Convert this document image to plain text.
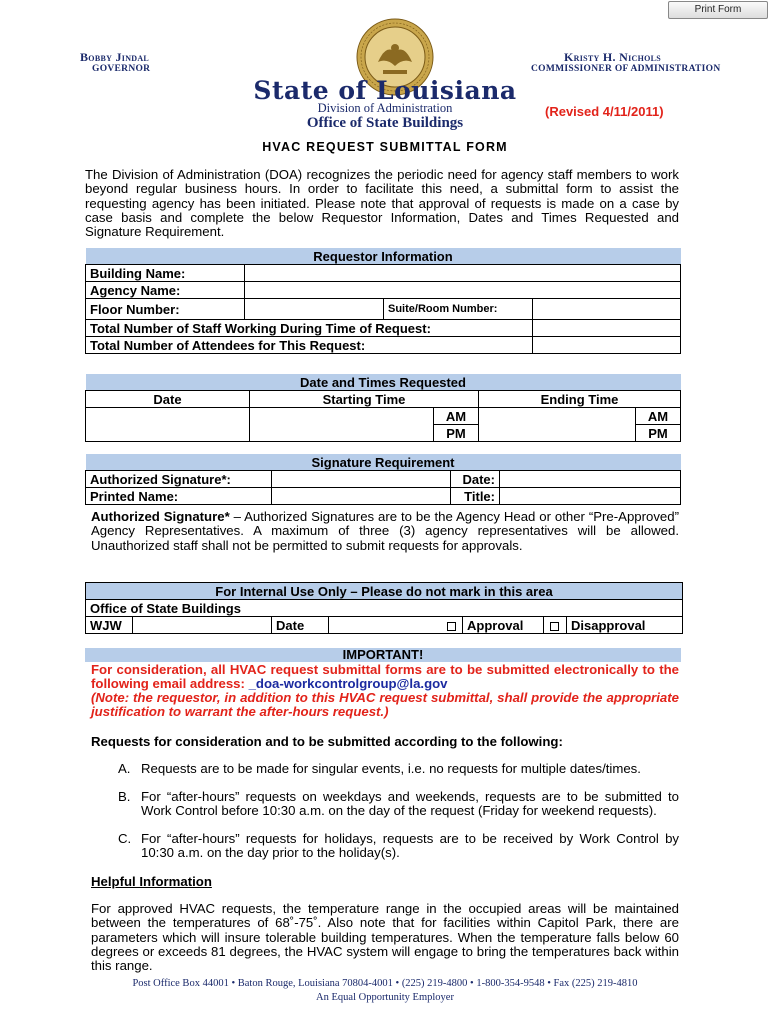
Print Form
Bobby Jindal
GOVERNOR
Kristy H. Nichols
COMMISSIONER OF ADMINISTRATION
State of Louisiana
Division of Administration
Office of State Buildings
(Revised 4/11/2011)
HVAC REQUEST SUBMITTAL FORM
The Division of Administration (DOA) recognizes the periodic need for agency staff members to work beyond regular business hours. In order to facilitate this need, a submittal form to assist the requesting agency has been initiated. Please note that approval of requests is made on a case by case basis and complete the below Requestor Information, Dates and Times Requested and Signature Requirement.
Requestor Information			
Building Name:			
Agency Name:			
Floor Number:		Suite/Room Number:	
Total Number of Staff Working During Time of Request:			
Total Number of Attendees for This Request:			
Date and Times Requested				
Date	Starting Time		Ending Time	
		AM		AM
		PM		PM
Signature Requirement			
Authorized Signature*:		Date:	
Printed Name:		Title:	
Authorized Signature* – Authorized Signatures are to be the Agency Head or other “Pre-Approved” Agency Representatives. A maximum of three (3) agency representatives will be allowed. Unauthorized staff shall not be permitted to submit requests for approvals.
For Internal Use Only – Please do not mark in this area
Office of State Buildings
WJW		Date		Approval		Disapproval
IMPORTANT!
For consideration, all HVAC request submittal forms are to be submitted electronically to the following email address: _doa-workcontrolgroup@la.gov
(Note: the requestor, in addition to this HVAC request submittal, shall provide the appropriate justification to warrant the after-hours request.)
Requests for consideration and to be submitted according to the following:
A. Requests are to be made for singular events, i.e. no requests for multiple dates/times.
B. For “after-hours” requests on weekdays and weekends, requests are to be submitted to Work Control before 10:30 a.m. on the day of the request (Friday for weekend requests).
C. For “after-hours” requests for holidays, requests are to be received by Work Control by 10:30 a.m. on the day prior to the holiday(s).
Helpful Information
For approved HVAC requests, the temperature range in the occupied areas will be maintained between the temperatures of 68˚-75˚. Also note that for facilities within Capitol Park, there are parameters which will insure tolerable building temperatures. When the temperature falls below 60 degrees or exceeds 81 degrees, the HVAC system will engage to bring the temperatures back within this range.
Post Office Box 44001 • Baton Rouge, Louisiana 70804-4001 • (225) 219-4800 • 1-800-354-9548 • Fax (225) 219-4810
An Equal Opportunity Employer
